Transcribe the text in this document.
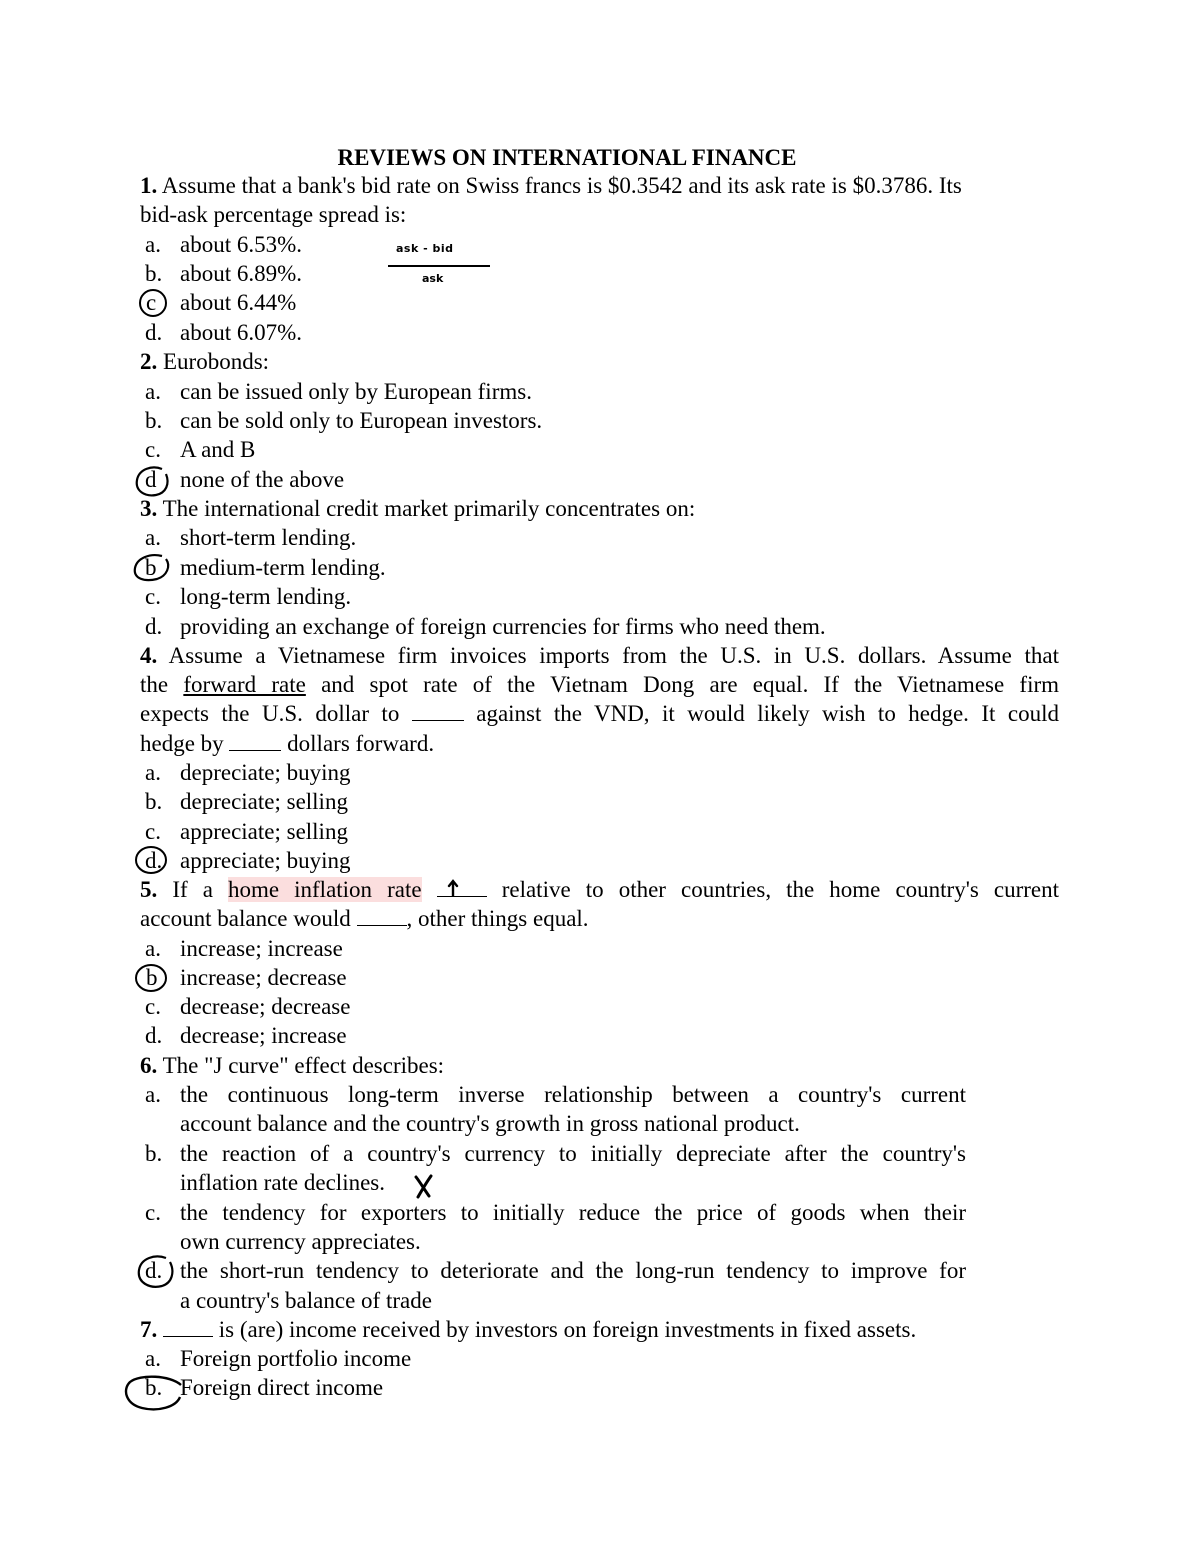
REVIEWS ON INTERNATIONAL FINANCE
1. Assume that a bank's bid rate on Swiss francs is $0.3542 and its ask rate is $0.3786. Its
bid-ask percentage spread is:
a. about 6.53%.
b. about 6.89%.
c about 6.44%
d. about 6.07%.
ask - bid
ask
2. Eurobonds:
a. can be issued only by European firms.
b. can be sold only to European investors.
c. A and B
d none of the above
3. The international credit market primarily concentrates on:
a. short-term lending.
b medium-term lending.
c. long-term lending.
d. providing an exchange of foreign currencies for firms who need them.
4. Assume a Vietnamese firm invoices imports from the U.S. in U.S. dollars. Assume that
the forward rate and spot rate of the Vietnam Dong are equal. If the Vietnamese firm
expects the U.S. dollar to	against the VND, it would likely wish to hedge. It could
hedge by	dollars forward.
a. depreciate; buying
b. depreciate; selling
c. appreciate; selling
d. appreciate; buying
5. If a home inflation rate	relative to other countries, the home country's current
account balance would , other things equal.
a. increase; increase
b increase; decrease
c. decrease; decrease
d. decrease; increase
6. The "J curve" effect describes:
a. the continuous long-term inverse relationship between a country's current
account balance and the country's growth in gross national product.
b. the reaction of a country's currency to initially depreciate after the country's
inflation rate declines.
c. the tendency for exporters to initially reduce the price of goods when their
own currency appreciates.
d. the short-run tendency to deteriorate and the long-run tendency to improve for
a country's balance of trade
7.	is (are) income received by investors on foreign investments in fixed assets.
a. Foreign portfolio income
b. Foreign direct income
